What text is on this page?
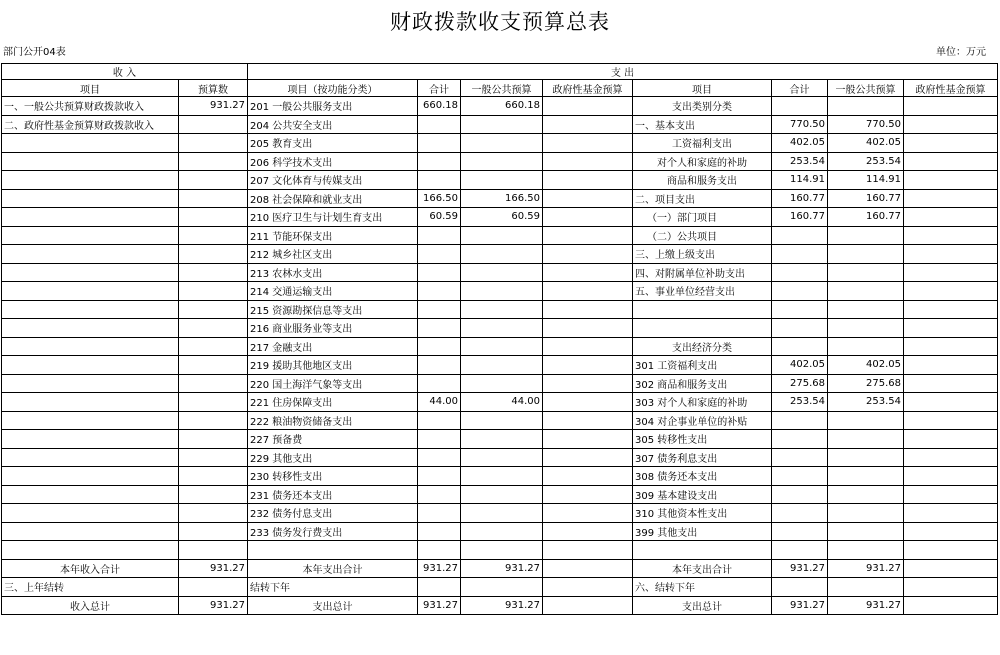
财政拨款收支预算总表
部门公开04表	单位：万元
收 入		支 出							
项目	预算数	项目（按功能分类）	合计	一般公共预算	政府性基金预算	项目	合计	一般公共预算	政府性基金预算
一、一般公共预算财政拨款收入	931.27	201 一般公共服务支出	660.18	660.18		支出类别分类			
二、政府性基金预算财政拨款收入		204 公共安全支出				一、基本支出	770.50	770.50	
		205 教育支出				工资福利支出	402.05	402.05	
		206 科学技术支出				对个人和家庭的补助	253.54	253.54	
		207 文化体育与传媒支出				商品和服务支出	114.91	114.91	
		208 社会保障和就业支出	166.50	166.50		二、项目支出	160.77	160.77	
		210 医疗卫生与计划生育支出	60.59	60.59		（一）部门项目	160.77	160.77	
		211 节能环保支出				（二）公共项目			
		212 城乡社区支出				三、上缴上级支出			
		213 农林水支出				四、对附属单位补助支出			
		214 交通运输支出				五、事业单位经营支出			
		215 资源勘探信息等支出							
		216 商业服务业等支出							
		217 金融支出				支出经济分类			
		219 援助其他地区支出				301 工资福利支出	402.05	402.05	
		220 国土海洋气象等支出				302 商品和服务支出	275.68	275.68	
		221 住房保障支出	44.00	44.00		303 对个人和家庭的补助	253.54	253.54	
		222 粮油物资储备支出				304 对企事业单位的补贴			
		227 预备费				305 转移性支出			
		229 其他支出				307 债务利息支出			
		230 转移性支出				308 债务还本支出			
		231 债务还本支出				309 基本建设支出			
		232 债务付息支出				310 其他资本性支出			
		233 债务发行费支出				399 其他支出			

本年收入合计	931.27	本年支出合计	931.27	931.27		本年支出合计	931.27	931.27	
三、上年结转		结转下年				六、结转下年			
收入总计	931.27	支出总计	931.27	931.27		支出总计	931.27	931.27	
